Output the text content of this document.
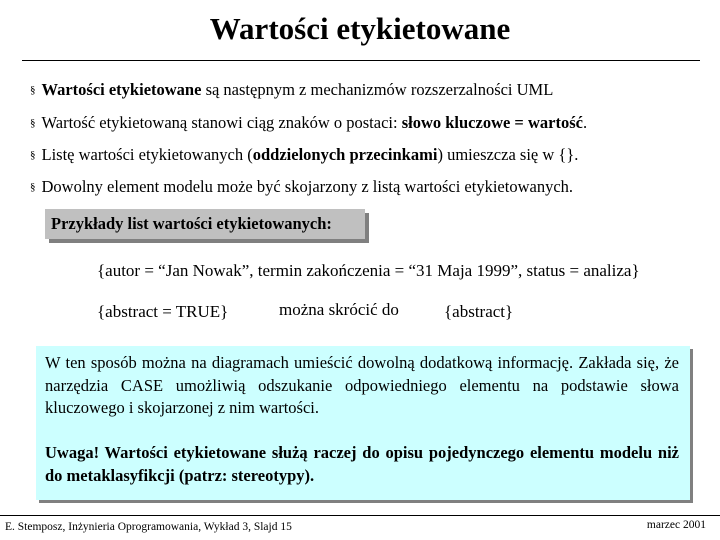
Wartości etykietowane
§ Wartości etykietowane są następnym z mechanizmów rozszerzalności UML
§ Wartość etykietowaną stanowi ciąg znaków o postaci: słowo kluczowe = wartość.
§ Listę wartości etykietowanych (oddzielonych przecinkami) umieszcza się w {}.
§ Dowolny element modelu może być skojarzony z listą wartości etykietowanych.
Przykłady list wartości etykietowanych:
{autor = “Jan Nowak”, termin zakończenia = “31 Maja 1999”, status = analiza}
{abstract = TRUE}	można skrócić do	{abstract}

W ten sposób można na diagramach umieścić dowolną dodatkową informację. Zakłada się, że narzędzia CASE umożliwią odszukanie odpowiedniego elementu na podstawie słowa kluczowego i skojarzonej z nim wartości.

Uwaga! Wartości etykietowane służą raczej do opisu pojedynczego elementu modelu niż do metaklasyfikcji (patrz: stereotypy).

E. Stemposz, Inżynieria Oprogramowania, Wykład 3, Slajd 15	marzec 2001
